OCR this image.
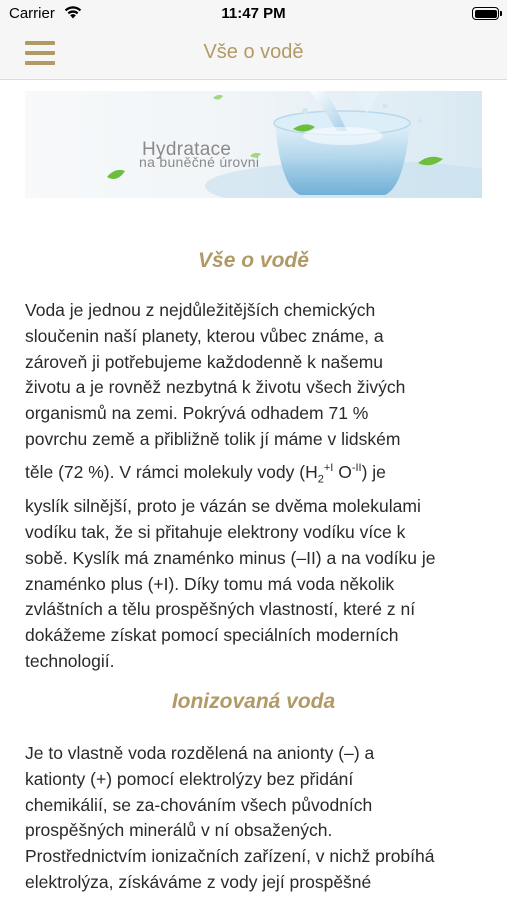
Carrier	11:47 PM
Vše o vodě
Hydratace
na buněčné úrovni
Vše o vodě
Voda je jednou z nejdůležitějších chemických
sloučenin naší planety, kterou vůbec známe, a
zároveň ji potřebujeme každodenně k našemu
životu a je rovněž nezbytná k životu všech živých
organismů na zemi. Pokrývá odhadem 71 %
povrchu země a přibližně tolik jí máme v lidském
těle (72 %). V rámci molekuly vody ($H_2^{+I}$ $O^{-II}$) je
kyslík silnější, proto je vázán se dvěma molekulami
vodíku tak, že si přitahuje elektrony vodíku více k
sobě. Kyslík má znaménko minus (–II) a na vodíku je
znaménko plus (+I). Díky tomu má voda několik
zvláštních a tělu prospěšných vlastností, které z ní
dokážeme získat pomocí speciálních moderních
technologií.
Ionizovaná voda
Je to vlastně voda rozdělená na anionty (–) a
kationty (+) pomocí elektrolýzy bez přidání
chemikálií, se za-chováním všech původních
prospěšných minerálů v ní obsažených.
Prostřednictvím ionizačních zařízení, v nichž probíhá
elektrolýza, získáváme z vody její prospěšné
